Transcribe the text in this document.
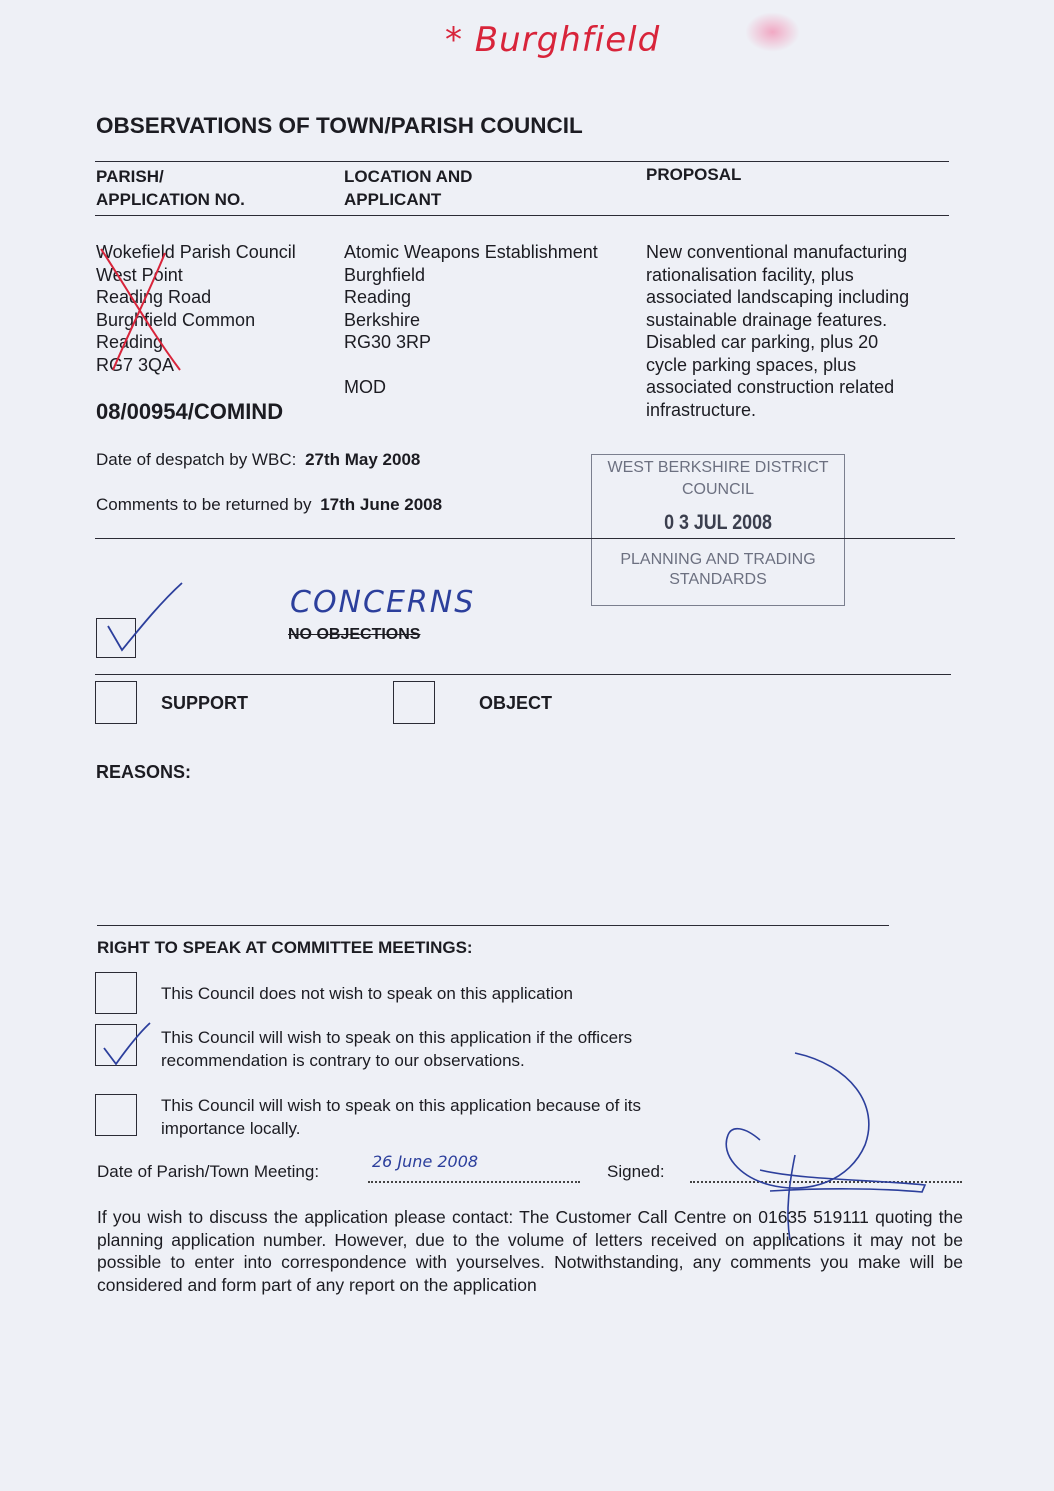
* Burghfield
OBSERVATIONS OF TOWN/PARISH COUNCIL
PARISH/
APPLICATION NO.
LOCATION AND
APPLICANT
PROPOSAL
Wokefield Parish Council
West Point
Reading Road
Burghfield Common
Reading
RG7 3QA
Atomic Weapons Establishment
Burghfield
Reading
Berkshire
RG30 3RP
MOD
New conventional manufacturing
rationalisation facility, plus
associated landscaping including
sustainable drainage features.
Disabled car parking, plus 20
cycle parking spaces, plus
associated construction related
infrastructure.
08/00954/COMIND
Date of despatch by WBC: 27th May 2008
Comments to be returned by 17th June 2008
WEST BERKSHIRE DISTRICT
COUNCIL
0 3 JUL 2008
PLANNING AND TRADING
STANDARDS
CONCERNS
NO OBJECTIONS
SUPPORT	OBJECT
REASONS:
RIGHT TO SPEAK AT COMMITTEE MEETINGS:
This Council does not wish to speak on this application
This Council will wish to speak on this application if the officers
recommendation is contrary to our observations.
This Council will wish to speak on this application because of its
importance locally.
Date of Parish/Town Meeting:
26 June 2008
Signed:
If you wish to discuss the application please contact: The Customer Call Centre on 01635 519111 quoting the planning application number. However, due to the volume of letters received on applications it may not be possible to enter into correspondence with yourselves. Notwithstanding, any comments you make will be considered and form part of any report on the application
